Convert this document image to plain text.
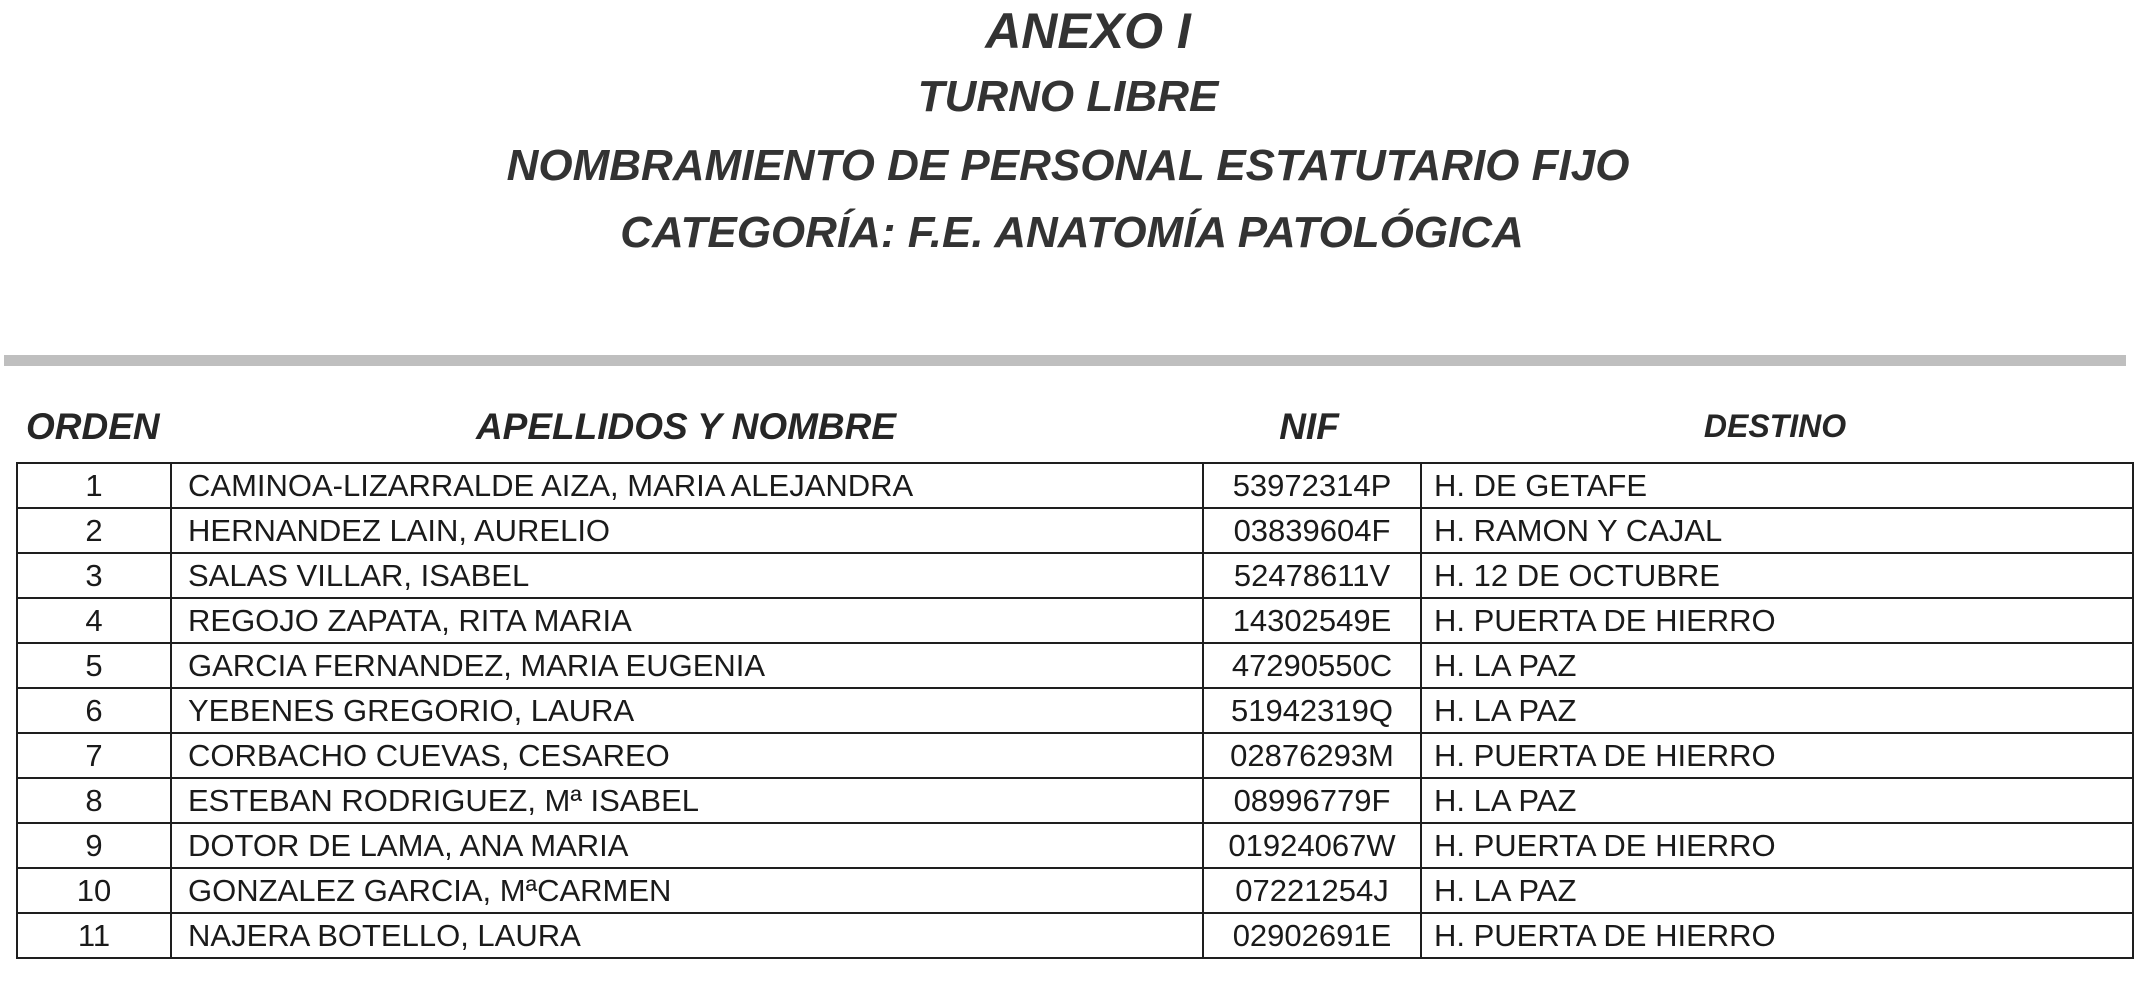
ANEXO I
TURNO LIBRE
NOMBRAMIENTO DE PERSONAL ESTATUTARIO FIJO
CATEGORÍA: F.E. ANATOMÍA PATOLÓGICA
ORDEN	APELLIDOS Y NOMBRE	NIF	DESTINO
1	CAMINOA-LIZARRALDE AIZA, MARIA ALEJANDRA	53972314P	H. DE GETAFE
2	HERNANDEZ LAIN, AURELIO	03839604F	H. RAMON Y CAJAL
3	SALAS VILLAR, ISABEL	52478611V	H. 12 DE OCTUBRE
4	REGOJO ZAPATA, RITA MARIA	14302549E	H. PUERTA DE HIERRO
5	GARCIA FERNANDEZ, MARIA EUGENIA	47290550C	H. LA PAZ
6	YEBENES GREGORIO, LAURA	51942319Q	H. LA PAZ
7	CORBACHO CUEVAS, CESAREO	02876293M	H. PUERTA DE HIERRO
8	ESTEBAN RODRIGUEZ, Mª ISABEL	08996779F	H. LA PAZ
9	DOTOR DE LAMA, ANA MARIA	01924067W	H. PUERTA DE HIERRO
10	GONZALEZ GARCIA, MªCARMEN	07221254J	H. LA PAZ
11	NAJERA BOTELLO, LAURA	02902691E	H. PUERTA DE HIERRO
